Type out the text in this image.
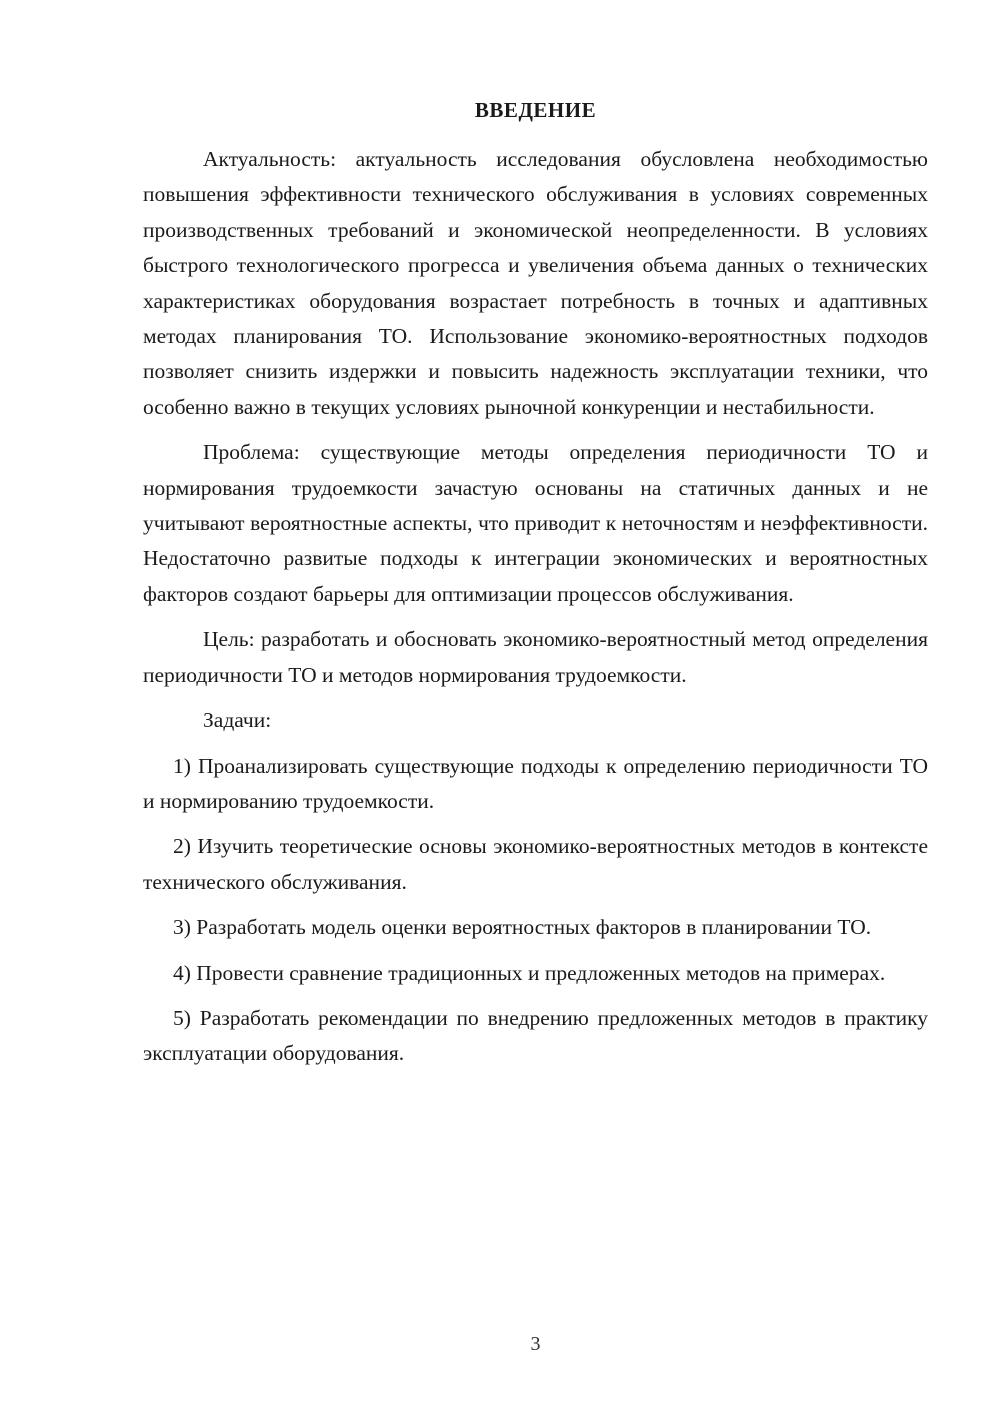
ВВЕДЕНИЕ

Актуальность: актуальность исследования обусловлена необходимостью повышения эффективности технического обслуживания в условиях современных производственных требований и экономической неопределенности. В условиях быстрого технологического прогресса и увеличения объема данных о технических характеристиках оборудования возрастает потребность в точных и адаптивных методах планирования ТО. Использование экономико-вероятностных подходов позволяет снизить издержки и повысить надежность эксплуатации техники, что особенно важно в текущих условиях рыночной конкуренции и нестабильности.

Проблема: существующие методы определения периодичности ТО и нормирования трудоемкости зачастую основаны на статичных данных и не учитывают вероятностные аспекты, что приводит к неточностям и неэффективности. Недостаточно развитые подходы к интеграции экономических и вероятностных факторов создают барьеры для оптимизации процессов обслуживания.

Цель: разработать и обосновать экономико-вероятностный метод определения периодичности ТО и методов нормирования трудоемкости.

Задачи:

1) Проанализировать существующие подходы к определению периодичности ТО и нормированию трудоемкости.

2) Изучить теоретические основы экономико-вероятностных методов в контексте технического обслуживания.

3) Разработать модель оценки вероятностных факторов в планировании ТО.

4) Провести сравнение традиционных и предложенных методов на примерах.

5) Разработать рекомендации по внедрению предложенных методов в практику эксплуатации оборудования.

3
